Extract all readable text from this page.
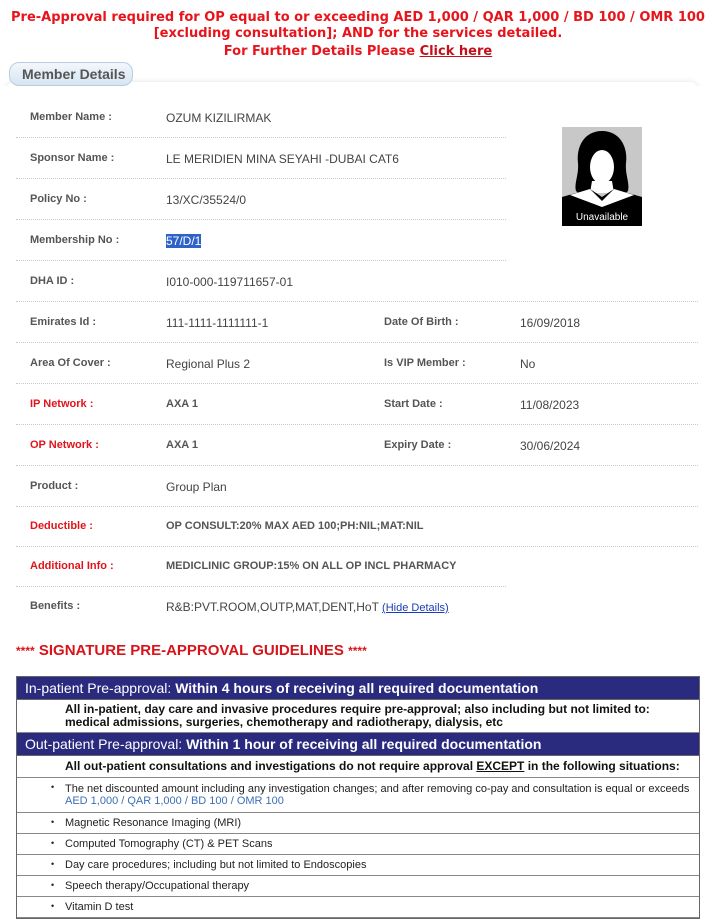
Pre-Approval required for OP equal to or exceeding AED 1,000 / QAR 1,000 / BD 100 / OMR 100
[excluding consultation]; AND for the services detailed.
For Further Details Please Click here
Member Details
Member Name :	OZUM KIZILIRMAK
Sponsor Name :	LE MERIDIEN MINA SEYAHI -DUBAI CAT6
Policy No :	13/XC/35524/0
Membership No :	57/D/1
DHA ID :	I010-000-119711657-01
Unavailable
Emirates Id :	111-1111-1111111-1	Date Of Birth :	16/09/2018
Area Of Cover :	Regional Plus 2	Is VIP Member :	No
IP Network :	AXA 1	Start Date :	11/08/2023
OP Network :	AXA 1	Expiry Date :	30/06/2024
Product :	Group Plan
Deductible :	OP CONSULT:20% MAX AED 100;PH:NIL;MAT:NIL
Additional Info :	MEDICLINIC GROUP:15% ON ALL OP INCL PHARMACY
Benefits :	R&B:PVT.ROOM,OUTP,MAT,DENT,HoT (Hide Details)
**** SIGNATURE PRE-APPROVAL GUIDELINES ****
In-patient Pre-approval: Within 4 hours of receiving all required documentation
All in-patient, day care and invasive procedures require pre-approval; also including but not limited to: medical admissions, surgeries, chemotherapy and radiotherapy, dialysis, etc
Out-patient Pre-approval: Within 1 hour of receiving all required documentation
All out-patient consultations and investigations do not require approval EXCEPT in the following situations:
• The net discounted amount including any investigation changes; and after removing co-pay and consultation is equal or exceeds
AED 1,000 / QAR 1,000 / BD 100 / OMR 100
• Magnetic Resonance Imaging (MRI)
• Computed Tomography (CT) & PET Scans
• Day care procedures; including but not limited to Endoscopies
• Speech therapy/Occupational therapy
• Vitamin D test
